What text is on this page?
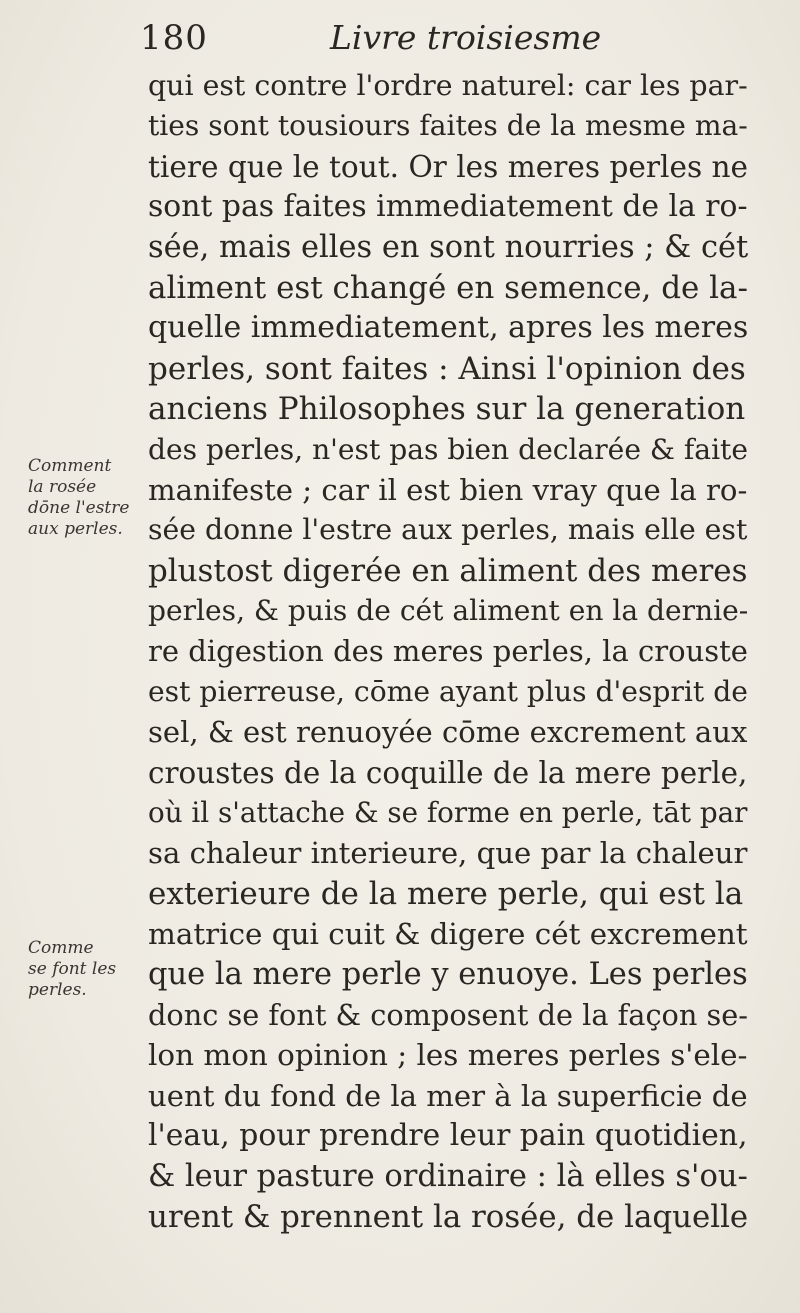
180	Livre troisiesme
Comment
la rosée
dōne l'estre
aux perles.
Comme
se font les
perles.
qui est contre l'ordre naturel: car les par-
ties sont tousiours faites de la mesme ma-
tiere que le tout. Or les meres perles ne
sont pas faites immediatement de la ro-
sée, mais elles en sont nourries ; & cét
aliment est changé en semence, de la-
quelle immediatement, apres les meres
perles, sont faites : Ainsi l'opinion des
anciens Philosophes sur la generation
des perles, n'est pas bien declarée & faite
manifeste ; car il est bien vray que la ro-
sée donne l'estre aux perles, mais elle est
plustost digerée en aliment des meres
perles, & puis de cét aliment en la dernie-
re digestion des meres perles, la crouste
est pierreuse, cōme ayant plus d'esprit de
sel, & est renuoyée cōme excrement aux
croustes de la coquille de la mere perle,
où il s'attache & se forme en perle, tāt par
sa chaleur interieure, que par la chaleur
exterieure de la mere perle, qui est la
matrice qui cuit & digere cét excrement
que la mere perle y enuoye. Les perles
donc se font & composent de la façon se-
lon mon opinion ; les meres perles s'ele-
uent du fond de la mer à la superficie de
l'eau, pour prendre leur pain quotidien,
& leur pasture ordinaire : là elles s'ou-
urent & prennent la rosée, de laquelle
